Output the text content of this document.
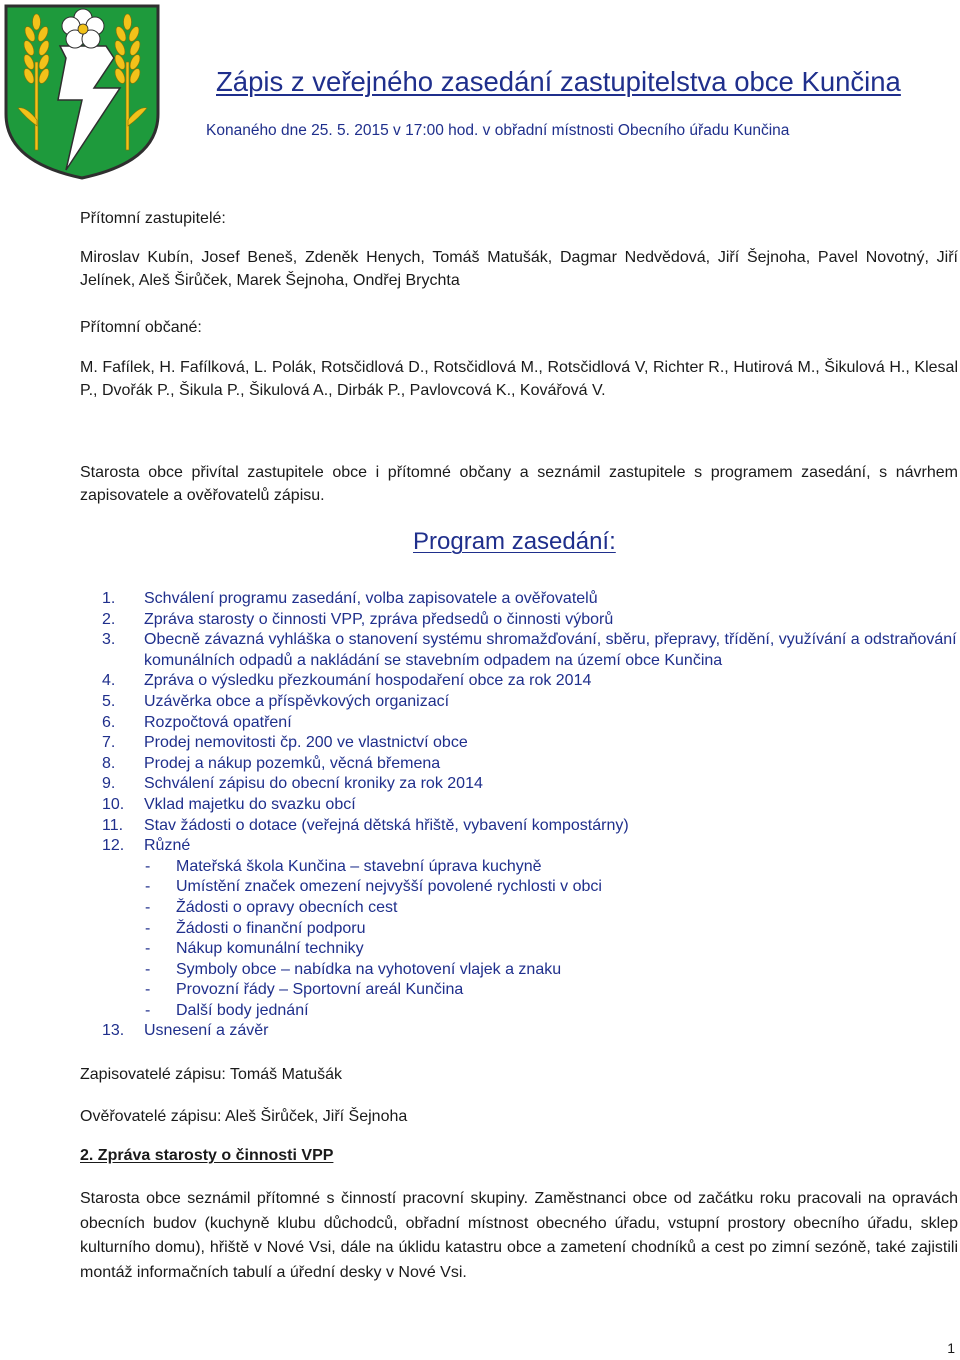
Zápis z veřejného zasedání zastupitelstva obce Kunčina
Konaného dne 25. 5. 2015 v 17:00 hod. v obřadní místnosti Obecního úřadu Kunčina
Přítomní zastupitelé:

Miroslav Kubín, Josef Beneš, Zdeněk Henych, Tomáš Matušák, Dagmar Nedvědová, Jiří Šejnoha, Pavel Novotný, Jiří Jelínek, Aleš Širůček, Marek Šejnoha, Ondřej Brychta

Přítomní občané:

M. Fafílek, H. Fafílková, L. Polák, Rotsčidlová D., Rotsčidlová M., Rotsčidlová V, Richter R., Hutirová M., Šikulová H., Klesal P., Dvořák P., Šikula P., Šikulová A., Dirbák P., Pavlovcová K., Kovářová V.

Starosta obce přivítal zastupitele obce i přítomné občany a seznámil zastupitele s programem zasedání, s návrhem zapisovatele a ověřovatelů zápisu.

Program zasedání:
1. Schválení programu zasedání, volba zapisovatele a ověřovatelů
2. Zpráva starosty o činnosti VPP, zpráva předsedů o činnosti výborů
3. Obecně závazná vyhláška o stanovení systému shromažďování, sběru, přepravy, třídění, využívání a odstraňování komunálních odpadů a nakládání se stavebním odpadem na území obce Kunčina
4. Zpráva o výsledku přezkoumání hospodaření obce za rok 2014
5. Uzávěrka obce a příspěvkových organizací
6. Rozpočtová opatření
7. Prodej nemovitosti čp. 200 ve vlastnictví obce
8. Prodej a nákup pozemků, věcná břemena
9. Schválení zápisu do obecní kroniky za rok 2014
10. Vklad majetku do svazku obcí
11. Stav žádosti o dotace (veřejná dětská hřiště, vybavení kompostárny)
12. Různé
- Mateřská škola Kunčina – stavební úprava kuchyně
- Umístění značek omezení nejvyšší povolené rychlosti v obci
- Žádosti o opravy obecních cest
- Žádosti o finanční podporu
- Nákup komunální techniky
- Symboly obce – nabídka na vyhotovení vlajek a znaku
- Provozní řády – Sportovní areál Kunčina
- Další body jednání
13. Usnesení a závěr
Zapisovatelé zápisu: Tomáš Matušák
Ověřovatelé zápisu: Aleš Širůček, Jiří Šejnoha
2. Zpráva starosty o činnosti VPP

Starosta obce seznámil přítomné s činností pracovní skupiny. Zaměstnanci obce od začátku roku pracovali na opravách obecních budov (kuchyně klubu důchodců, obřadní místnost obecného úřadu, vstupní prostory obecního úřadu, sklep kulturního domu), hřiště v Nové Vsi, dále na úklidu katastru obce a zametení chodníků a cest po zimní sezóně, také zajistili montáž informačních tabulí a úřední desky v Nové Vsi.

1
